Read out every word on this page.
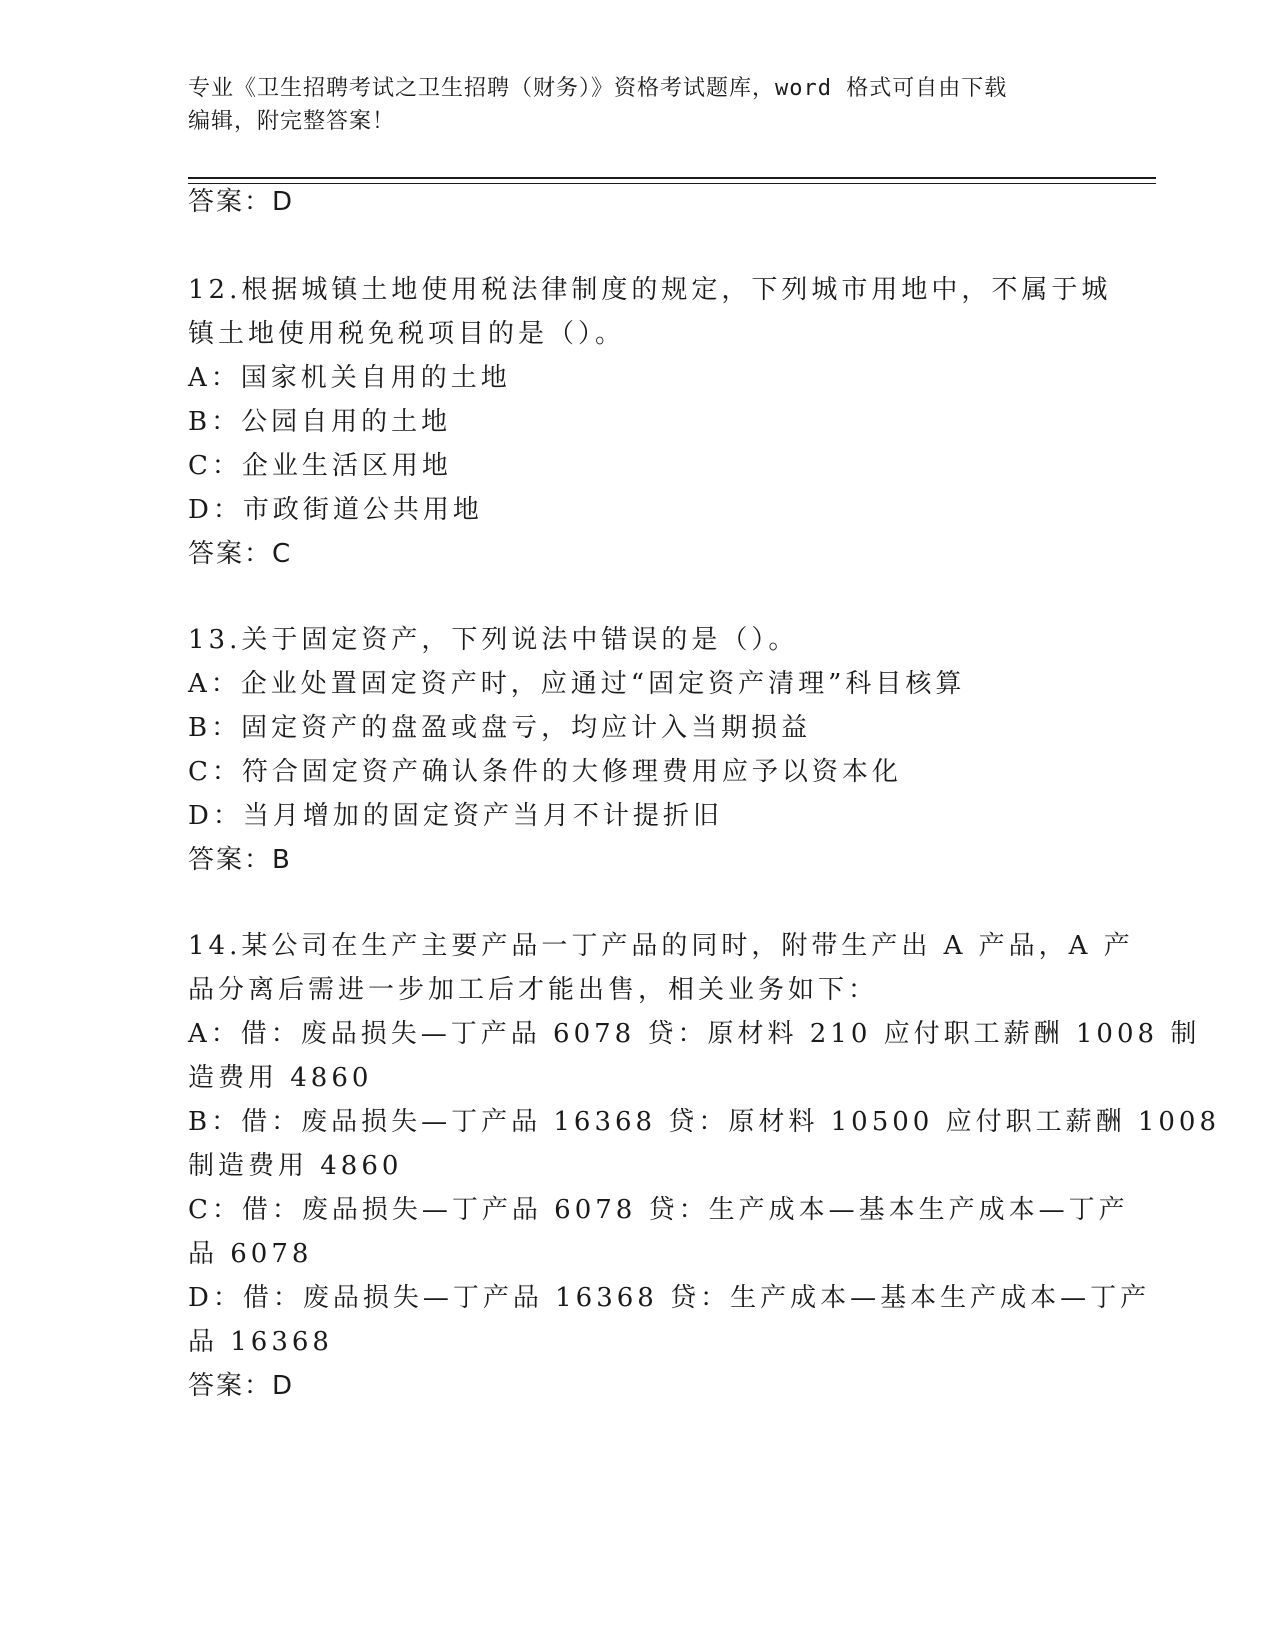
专业《卫生招聘考试之卫生招聘（财务）》资格考试题库，word 格式可自由下载
编辑，附完整答案！
答案：D
12.根据城镇土地使用税法律制度的规定，下列城市用地中，不属于城
镇土地使用税免税项目的是（）。
A：国家机关自用的土地
B：公园自用的土地
C：企业生活区用地
D：市政街道公共用地
答案：C
13.关于固定资产，下列说法中错误的是（）。
A：企业处置固定资产时，应通过“固定资产清理”科目核算
B：固定资产的盘盈或盘亏，均应计入当期损益
C：符合固定资产确认条件的大修理费用应予以资本化
D：当月增加的固定资产当月不计提折旧
答案：B
14.某公司在生产主要产品一丁产品的同时，附带生产出 A 产品，A 产
品分离后需进一步加工后才能出售，相关业务如下：
A：借：废品损失—丁产品 6078 贷：原材料 210 应付职工薪酬 1008 制
造费用 4860
B：借：废品损失—丁产品 16368 贷：原材料 10500 应付职工薪酬 1008
制造费用 4860
C：借：废品损失—丁产品 6078 贷：生产成本—基本生产成本—丁产
品 6078
D：借：废品损失—丁产品 16368 贷：生产成本—基本生产成本—丁产
品 16368
答案：D
